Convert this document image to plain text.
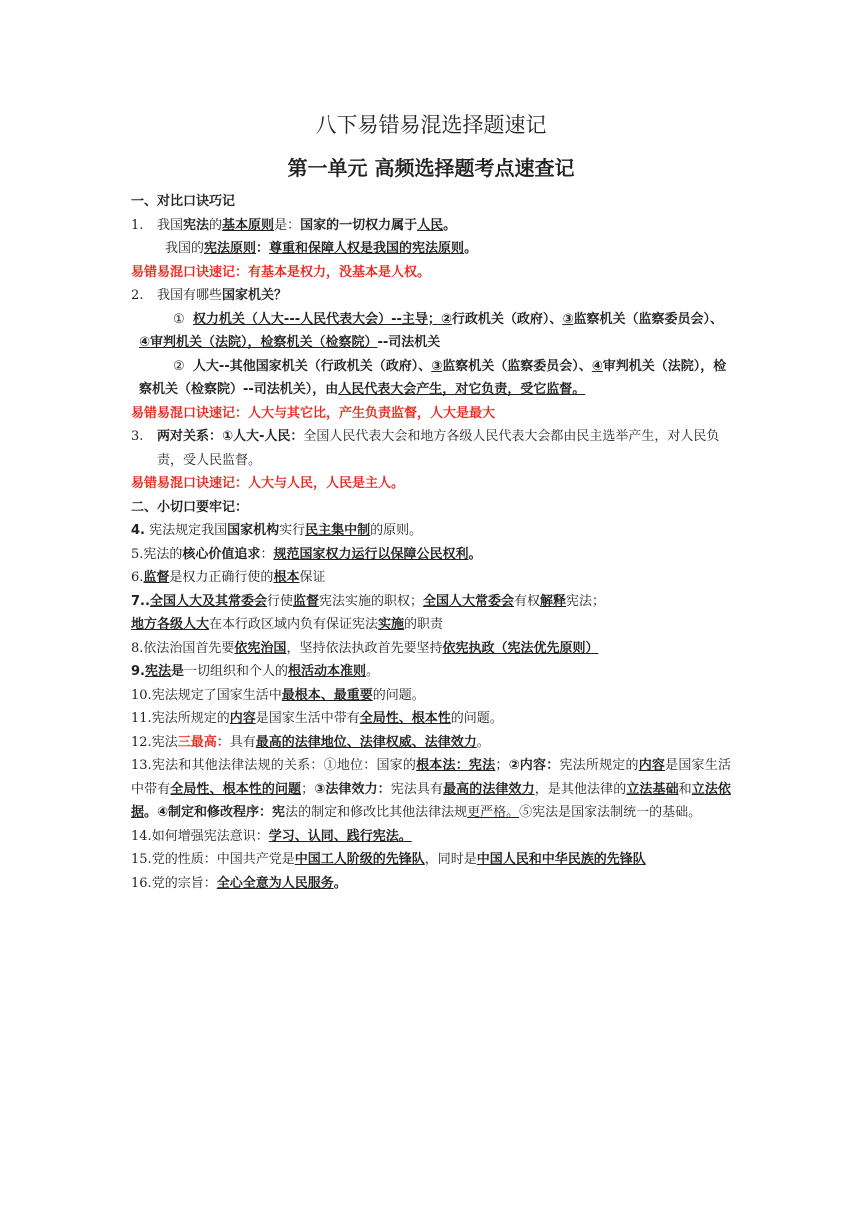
八下易错易混选择题速记
第一单元 高频选择题考点速查记
一、对比口诀巧记
1. 我国宪法的基本原则是：国家的一切权力属于人民。
我国的宪法原则：尊重和保障人权是我国的宪法原则。
易错易混口诀速记：有基本是权力，没基本是人权。
2. 我国有哪些国家机关？
① 权力机关（人大---人民代表大会）--主导；②行政机关（政府）、③监察机关（监察委员会）、④审判机关（法院），检察机关（检察院）--司法机关
② 人大--其他国家机关（行政机关（政府）、③监察机关（监察委员会）、④审判机关（法院），检察机关（检察院）--司法机关），由人民代表大会产生，对它负责，受它监督。
易错易混口诀速记：人大与其它比，产生负责监督，人大是最大
3. 两对关系：①人大-人民：全国人民代表大会和地方各级人民代表大会都由民主选举产生，对人民负责，受人民监督。
易错易混口诀速记：人大与人民，人民是主人。
二、小切口要牢记：
4. 宪法规定我国国家机构实行民主集中制的原则。
5.宪法的核心价值追求：规范国家权力运行以保障公民权利。
6.监督是权力正确行使的根本保证
7..全国人大及其常委会行使监督宪法实施的职权；全国人大常委会有权解释宪法；
地方各级人大在本行政区域内负有保证宪法实施的职责
8.依法治国首先要依宪治国，坚持依法执政首先要坚持依宪执政（宪法优先原则）
9.宪法是一切组织和个人的根活动本准则。
10.宪法规定了国家生活中最根本、最重要的问题。
11.宪法所规定的内容是国家生活中带有全局性、根本性的问题。
12.宪法三最高：具有最高的法律地位、法律权威、法律效力。
13.宪法和其他法律法规的关系：①地位：国家的根本法：宪法；②内容：宪法所规定的内容是国家生活中带有全局性、根本性的问题；③法律效力：宪法具有最高的法律效力，是其他法律的立法基础和立法依据。④制定和修改程序：宪法的制定和修改比其他法律法规更严格。⑤宪法是国家法制统一的基础。
14.如何增强宪法意识：学习、认同、践行宪法。
15.党的性质：中国共产党是中国工人阶级的先锋队，同时是中国人民和中华民族的先锋队
16.党的宗旨：全心全意为人民服务。
